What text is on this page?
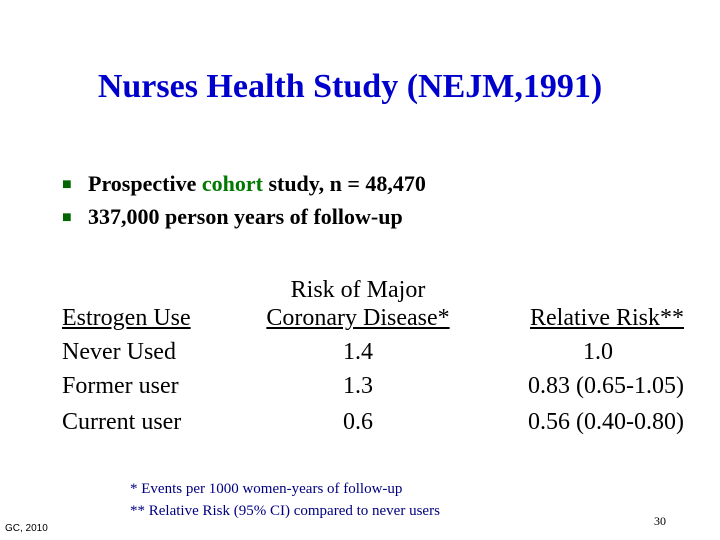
Nurses Health Study (NEJM,1991)
■ Prospective cohort study, n = 48,470
■ 337,000 person years of follow-up
Risk of Major
Estrogen Use	Coronary Disease*	Relative Risk**
Never Used	1.4	1.0
Former user	1.3	0.83 (0.65-1.05)
Current user	0.6	0.56 (0.40-0.80)
* Events per 1000 women-years of follow-up
** Relative Risk (95% CI) compared to never users
GC, 2010
30
